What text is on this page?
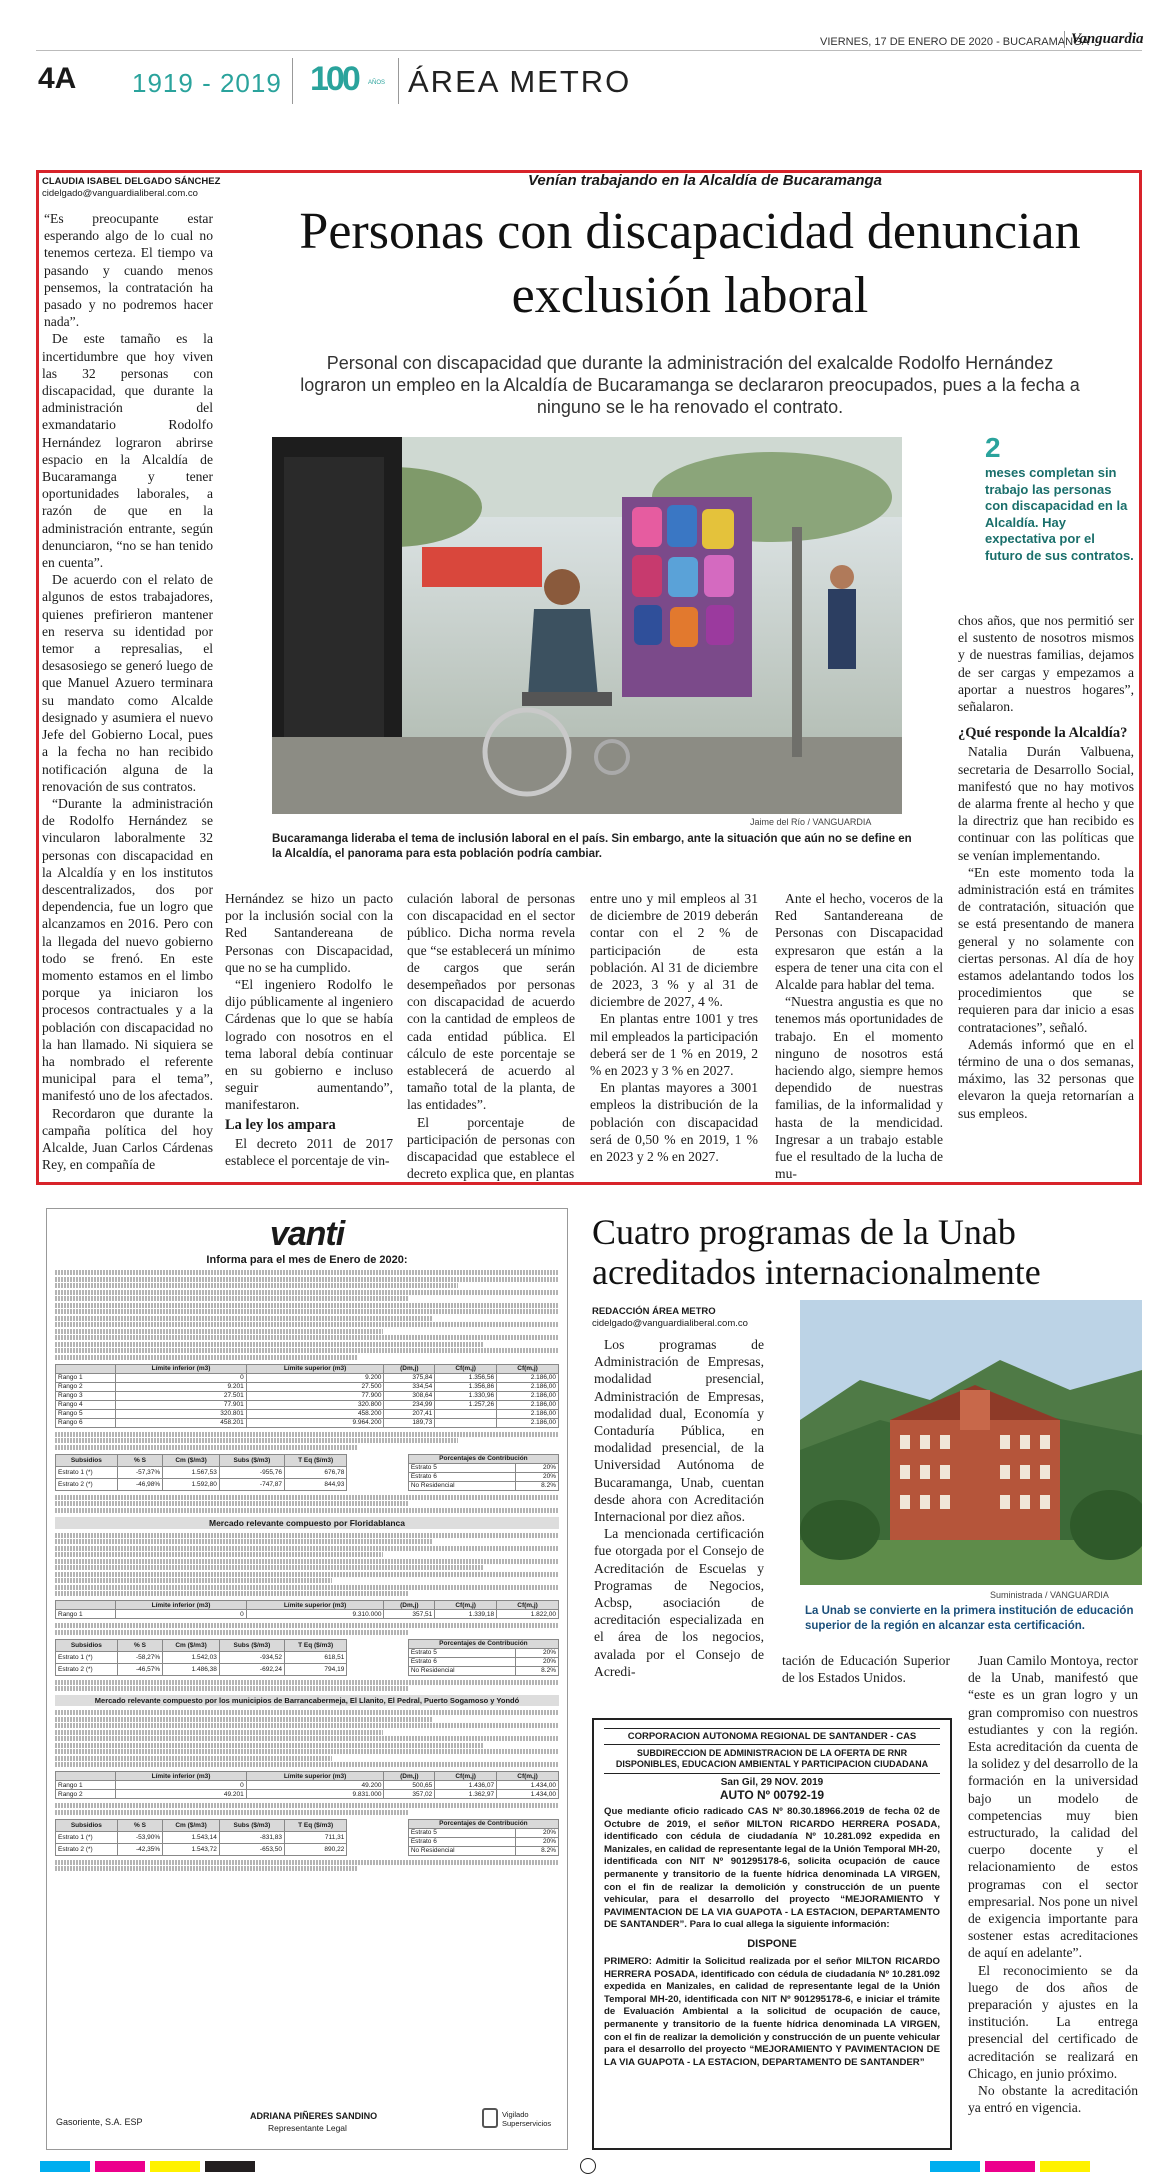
VIERNES, 17 DE ENERO DE 2020 - BUCARAMANGA
Vanguardia
4A 1919 - 2019 100 AÑOS ÁREA METRO
CLAUDIA ISABEL DELGADO SÁNCHEZ
cidelgado@vanguardialiberal.com.co
Venían trabajando en la Alcaldía de Bucaramanga
Personas con discapacidad denuncian exclusión laboral
Personal con discapacidad que durante la administración del exalcalde Rodolfo Hernández lograron un empleo en la Alcaldía de Bucaramanga se declararon preocupados, pues a la fecha a ninguno se le ha renovado el contrato.
Jaime del Río / VANGUARDIA
Bucaramanga lideraba el tema de inclusión laboral en el país. Sin embargo, ante la situación que aún no se define en la Alcaldía, el panorama para esta población podría cambiar.
2
meses completan sin trabajo las personas con discapacidad en la Alcaldía. Hay expectativa por el futuro de sus contratos.

“Es preocupante estar esperando algo de lo cual no tenemos certeza. El tiempo va pasando y cuando menos pensemos, la contratación ha pasado y no podremos hacer nada”.

De este tamaño es la incertidumbre que hoy viven las 32 personas con discapacidad, que durante la administración del exmandatario Rodolfo Hernández lograron abrirse espacio en la Alcaldía de Bucaramanga y tener oportunidades laborales, a razón de que en la administración entrante, según denunciaron, “no se han tenido en cuenta”.

De acuerdo con el relato de algunos de estos trabajadores, quienes prefirieron mantener en reserva su identidad por temor a represalias, el desasosiego se generó luego de que Manuel Azuero terminara su mandato como Alcalde designado y asumiera el nuevo Jefe del Gobierno Local, pues a la fecha no han recibido notificación alguna de la renovación de sus contratos.

“Durante la administración de Rodolfo Hernández se vincularon laboralmente 32 personas con discapacidad en la Alcaldía y en los institutos descentralizados, dos por dependencia, fue un logro que alcanzamos en 2016. Pero con la llegada del nuevo gobierno todo se frenó. En este momento estamos en el limbo porque ya iniciaron los procesos contractuales y a la población con discapacidad no la han llamado. Ni siquiera se ha nombrado el referente municipal para el tema”, manifestó uno de los afectados.

Recordaron que durante la campaña política del hoy Alcalde, Juan Carlos Cárdenas Rey, en compañía de

Hernández se hizo un pacto por la inclusión social con la Red Santandereana de Personas con Discapacidad, que no se ha cumplido.

“El ingeniero Rodolfo le dijo públicamente al ingeniero Cárdenas que lo que se había logrado con nosotros en el tema laboral debía continuar en su gobierno e incluso seguir aumentando”, manifestaron.

La ley los ampara

El decreto 2011 de 2017 establece el porcentaje de vin-

culación laboral de personas con discapacidad en el sector público. Dicha norma revela que “se establecerá un mínimo de cargos que serán desempeñados por personas con discapacidad de acuerdo con la cantidad de empleos de cada entidad pública. El cálculo de este porcentaje se establecerá de acuerdo al tamaño total de la planta, de las entidades”.

El porcentaje de participación de personas con discapacidad que establece el decreto explica que, en plantas

entre uno y mil empleos al 31 de diciembre de 2019 deberán contar con el 2 % de participación de esta población. Al 31 de diciembre de 2023, 3 % y al 31 de diciembre de 2027, 4 %.

En plantas entre 1001 y tres mil empleados la participación deberá ser de 1 % en 2019, 2 % en 2023 y 3 % en 2027.

En plantas mayores a 3001 empleos la distribución de la población con discapacidad será de 0,50 % en 2019, 1 % en 2023 y 2 % en 2027.

Ante el hecho, voceros de la Red Santandereana de Personas con Discapacidad expresaron que están a la espera de tener una cita con el Alcalde para hablar del tema.

“Nuestra angustia es que no tenemos más oportunidades de trabajo. En el momento ninguno de nosotros está haciendo algo, siempre hemos dependido de nuestras familias, de la informalidad y hasta de la mendicidad. Ingresar a un trabajo estable fue el resultado de la lucha de mu-

chos años, que nos permitió ser el sustento de nosotros mismos y de nuestras familias, dejamos de ser cargas y empezamos a aportar a nuestros hogares”, señalaron.

¿Qué responde la Alcaldía?

Natalia Durán Valbuena, secretaria de Desarrollo Social, manifestó que no hay motivos de alarma frente al hecho y que la directriz que han recibido es continuar con las políticas que se venían implementando.

“En este momento toda la administración está en trámites de contratación, situación que se está presentando de manera general y no solamente con ciertas personas. Al día de hoy estamos adelantando todos los procedimientos que se requieren para dar inicio a esas contrataciones”, señaló.

Además informó que en el término de una o dos semanas, máximo, las 32 personas que elevaron la queja retornarían a sus empleos.

vanti
Informa para el mes de Enero de 2020:
	Límite inferior (m3)	Límite superior (m3)	(Dm,j)	Cf(m,j)	Cf(m,j)
Rango 1	0	9.200	375,84	1.356,56	2.186,00
Rango 2	9.201	27.500	334,54	1.356,86	2.186,00
Rango 3	27.501	77.900	308,64	1.330,96	2.186,00
Rango 4	77.901	320.800	234,99	1.257,26	2.186,00
Rango 5	320.801	458.200	207,41		2.186,00
Rango 6	458.201	9.964.200	189,73		2.186,00
Subsidios	% S	Cm ($/m3)	Subs ($/m3)	T Eq ($/m3)
Estrato 1 (*)	-57,37%	1.567,53	-955,76	676,78
Estrato 2 (*)	-46,98%	1.592,80	-747,87	844,93
Porcentajes de Contribución	
Estrato 5	20%
Estrato 6	20%
No Residencial	8.2%
Mercado relevante compuesto por Floridablanca
	Límite inferior (m3)	Límite superior (m3)	(Dm,j)	Cf(m,j)	Cf(m,j)
Rango 1	0	9.310.000	357,51	1.339,18	1.822,00
Subsidios	% S	Cm ($/m3)	Subs ($/m3)	T Eq ($/m3)
Estrato 1 (*)	-58,27%	1.542,03	-934,52	618,51
Estrato 2 (*)	-46,57%	1.486,38	-692,24	794,19
Porcentajes de Contribución	
Estrato 5	20%
Estrato 6	20%
No Residencial	8.2%
Mercado relevante compuesto por los municipios de Barrancabermeja, El Llanito, El Pedral, Puerto Sogamoso y Yondó
	Límite inferior (m3)	Límite superior (m3)	(Dm,j)	Cf(m,j)	Cf(m,j)
Rango 1	0	49.200	500,65	1.436,07	1.434,00
Rango 2	49.201	9.831.000	357,02	1.362,97	1.434,00
Subsidios	% S	Cm ($/m3)	Subs ($/m3)	T Eq ($/m3)
Estrato 1 (*)	-53,90%	1.543,14	-831,83	711,31
Estrato 2 (*)	-42,35%	1.543,72	-653,50	890,22
Porcentajes de Contribución	
Estrato 5	20%
Estrato 6	20%
No Residencial	8.2%
Gasoriente, S.A. ESP
ADRIANA PIÑERES SANDINO
Representante Legal
Vigilado Superservicios
Cuatro programas de la Unab acreditados internacionalmente
REDACCIÓN ÁREA METRO
cidelgado@vanguardialiberal.com.co

Los programas de Administración de Empresas, modalidad presencial, Administración de Empresas, modalidad dual, Economía y Contaduría Pública, en modalidad presencial, de la Universidad Autónoma de Bucaramanga, Unab, cuentan desde ahora con Acreditación Internacional por diez años.

La mencionada certificación fue otorgada por el Consejo de Acreditación de Escuelas y Programas de Negocios, Acbsp, asociación de acreditación especializada en el área de los negocios, avalada por el Consejo de Acredi-

Suministrada / VANGUARDIA
La Unab se convierte en la primera institución de educación superior de la región en alcanzar esta certificación.

tación de Educación Superior de los Estados Unidos.

Juan Camilo Montoya, rector de la Unab, manifestó que “este es un gran logro y un gran compromiso con nuestros estudiantes y con la región. Esta acreditación da cuenta de la solidez y del desarrollo de la formación en la universidad bajo un modelo de competencias muy bien estructurado, la calidad del cuerpo docente y el relacionamiento de estos programas con el sector empresarial. Nos pone un nivel de exigencia importante para sostener estas acreditaciones de aquí en adelante”.

El reconocimiento se da luego de dos años de preparación y ajustes en la institución. La entrega presencial del certificado de acreditación se realizará en Chicago, en junio próximo.

No obstante la acreditación ya entró en vigencia.

CORPORACION AUTONOMA REGIONAL DE SANTANDER - CAS
SUBDIRECCION DE ADMINISTRACION DE LA OFERTA DE RNR DISPONIBLES, EDUCACION AMBIENTAL Y PARTICIPACION CIUDADANA
San Gil, 29 NOV. 2019
AUTO Nº 00792-19
Que mediante oficio radicado CAS Nº 80.30.18966.2019 de fecha 02 de Octubre de 2019, el señor MILTON RICARDO HERRERA POSADA, identificado con cédula de ciudadanía Nº 10.281.092 expedida en Manizales, en calidad de representante legal de la Unión Temporal MH-20, identificada con NIT Nº 901295178-6, solicita ocupación de cauce permanente y transitorio de la fuente hídrica denominada LA VIRGEN, con el fin de realizar la demolición y construcción de un puente vehicular, para el desarrollo del proyecto “MEJORAMIENTO Y PAVIMENTACION DE LA VIA GUAPOTA - LA ESTACION, DEPARTAMENTO DE SANTANDER”. Para lo cual allega la siguiente información:
DISPONE
PRIMERO: Admitir la Solicitud realizada por el señor MILTON RICARDO HERRERA POSADA, identificado con cédula de ciudadanía Nº 10.281.092 expedida en Manizales, en calidad de representante legal de la Unión Temporal MH-20, identificada con NIT Nº 901295178-6, e iniciar el trámite de Evaluación Ambiental a la solicitud de ocupación de cauce, permanente y transitorio de la fuente hídrica denominada LA VIRGEN, con el fin de realizar la demolición y construcción de un puente vehicular para el desarrollo del proyecto “MEJORAMIENTO Y PAVIMENTACION DE LA VIA GUAPOTA - LA ESTACION, DEPARTAMENTO DE SANTANDER”
